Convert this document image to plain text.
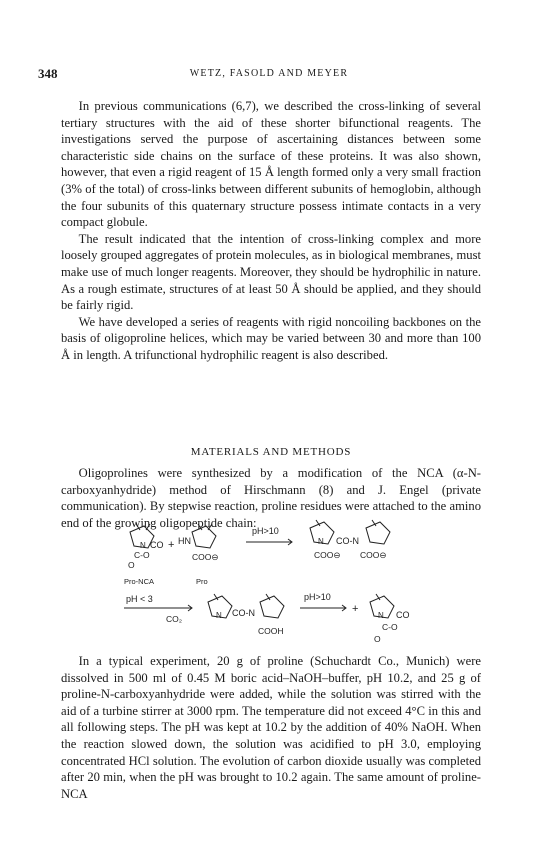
348	WETZ, FASOLD AND MEYER

In previous communications (6,7), we described the cross-linking of several tertiary structures with the aid of these shorter bifunctional reagents. The investigations served the purpose of ascertaining distances between some characteristic side chains on the surface of these proteins. It was also shown, however, that even a rigid reagent of 15 Å length formed only a very small fraction (3% of the total) of cross-links between different subunits of hemoglobin, although the four subunits of this quaternary structure possess intimate contacts in a very compact globule.

The result indicated that the intention of cross-linking complex and more loosely grouped aggregates of protein molecules, as in biological membranes, must make use of much longer reagents. Moreover, they should be hydrophilic in nature. As a rough estimate, structures of at least 50 Å should be applied, and they should be fairly rigid.

We have developed a series of reagents with rigid noncoiling backbones on the basis of oligoproline helices, which may be varied between 30 and more than 100 Å in length. A trifunctional hydrophilic reagent is also described.

MATERIALS AND METHODS

Oligoprolines were synthesized by a modification of the NCA (α-N-carboxyanhydride) method of Hirschmann (8) and J. Engel (private communication). By stepwise reaction, proline residues were attached to the amino end of the growing oligopeptide chain:

N CO +
C-O
O
HN
COO⊖
pH>10
N CO-N
COO⊖ COO⊖
Pro-NCA	Pro
pH < 3
CO₂	N CO-N
COOH
pH>10
+
N CO
C-O
O

In a typical experiment, 20 g of proline (Schuchardt Co., Munich) were dissolved in 500 ml of 0.45 M boric acid–NaOH–buffer, pH 10.2, and 25 g of proline-N-carboxyanhydride were added, while the solution was stirred with the aid of a turbine stirrer at 3000 rpm. The temperature did not exceed 4°C in this and all following steps. The pH was kept at 10.2 by the addition of 40% NaOH. When the reaction slowed down, the solution was acidified to pH 3.0, employing concentrated HCl solution. The evolution of carbon dioxide usually was completed after 20 min, when the pH was brought to 10.2 again. The same amount of proline-NCA
